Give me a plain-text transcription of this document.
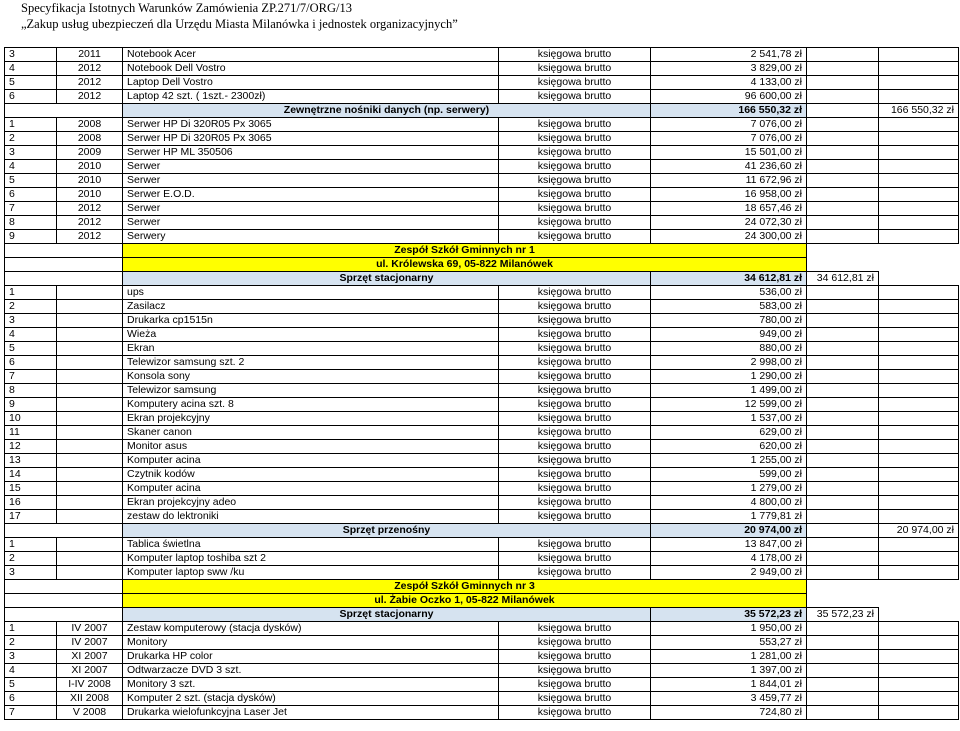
Specyfikacja Istotnych Warunków Zamówienia ZP.271/7/ORG/13
„Zakup usług ubezpieczeń dla Urzędu Miasta Milanówka i jednostek organizacyjnych”
3	2011	Notebook Acer	księgowa brutto	2 541,78 zł		
4	2012	Notebook Dell Vostro	księgowa brutto	3 829,00 zł		
5	2012	Laptop Dell Vostro	księgowa brutto	4 133,00 zł		
6	2012	Laptop 42 szt. ( 1szt.- 2300zł)	księgowa brutto	96 600,00 zł		
		Zewnętrzne nośniki danych (np. serwery)		166 550,32 zł		166 550,32 zł
1	2008	Serwer HP Di 320R05 Px 3065	księgowa brutto	7 076,00 zł		
2	2008	Serwer HP Di 320R05 Px 3065	księgowa brutto	7 076,00 zł		
3	2009	Serwer HP ML 350506	księgowa brutto	15 501,00 zł		
4	2010	Serwer	księgowa brutto	41 236,60 zł		
5	2010	Serwer	księgowa brutto	11 672,96 zł		
6	2010	Serwer E.O.D.	księgowa brutto	16 958,00 zł		
7	2012	Serwer	księgowa brutto	18 657,46 zł		
8	2012	Serwer	księgowa brutto	24 072,30 zł		
9	2012	Serwery	księgowa brutto	24 300,00 zł		
		Zespół Szkół Gminnych nr 1				
		ul. Królewska 69, 05-822 Milanówek				
		Sprzęt stacjonarny		34 612,81 zł	34 612,81 zł	
1		ups	księgowa brutto	536,00 zł		
2		Zasilacz	księgowa brutto	583,00 zł		
3		Drukarka cp1515n	księgowa brutto	780,00 zł		
4		Wieża	księgowa brutto	949,00 zł		
5		Ekran	księgowa brutto	880,00 zł		
6		Telewizor samsung szt. 2	księgowa brutto	2 998,00 zł		
7		Konsola sony	księgowa brutto	1 290,00 zł		
8		Telewizor samsung	księgowa brutto	1 499,00 zł		
9		Komputery acina szt. 8	księgowa brutto	12 599,00 zł		
10		Ekran projekcyjny	księgowa brutto	1 537,00 zł		
11		Skaner canon	księgowa brutto	629,00 zł		
12		Monitor asus	księgowa brutto	620,00 zł		
13		Komputer acina	księgowa brutto	1 255,00 zł		
14		Czytnik kodów	księgowa brutto	599,00 zł		
15		Komputer acina	księgowa brutto	1 279,00 zł		
16		Ekran projekcyjny adeo	księgowa brutto	4 800,00 zł		
17		zestaw do lektroniki	księgowa brutto	1 779,81 zł		
		Sprzęt przenośny		20 974,00 zł		20 974,00 zł
1		Tablica świetlna	księgowa brutto	13 847,00 zł		
2		Komputer laptop toshiba szt 2	księgowa brutto	4 178,00 zł		
3		Komputer laptop sww /ku	księgowa brutto	2 949,00 zł		
		Zespół Szkół Gminnych nr 3				
		ul. Żabie Oczko 1, 05-822 Milanówek				
		Sprzęt stacjonarny		35 572,23 zł	35 572,23 zł	
1	IV 2007	Zestaw komputerowy (stacja dysków)	księgowa brutto	1 950,00 zł		
2	IV 2007	Monitory	księgowa brutto	553,27 zł		
3	XI 2007	Drukarka HP color	księgowa brutto	1 281,00 zł		
4	XI 2007	Odtwarzacze DVD 3 szt.	księgowa brutto	1 397,00 zł		
5	I-IV 2008	Monitory 3 szt.	księgowa brutto	1 844,01 zł		
6	XII 2008	Komputer 2 szt. (stacja dysków)	księgowa brutto	3 459,77 zł		
7	V 2008	Drukarka wielofunkcyjna Laser Jet	księgowa brutto	724,80 zł		
